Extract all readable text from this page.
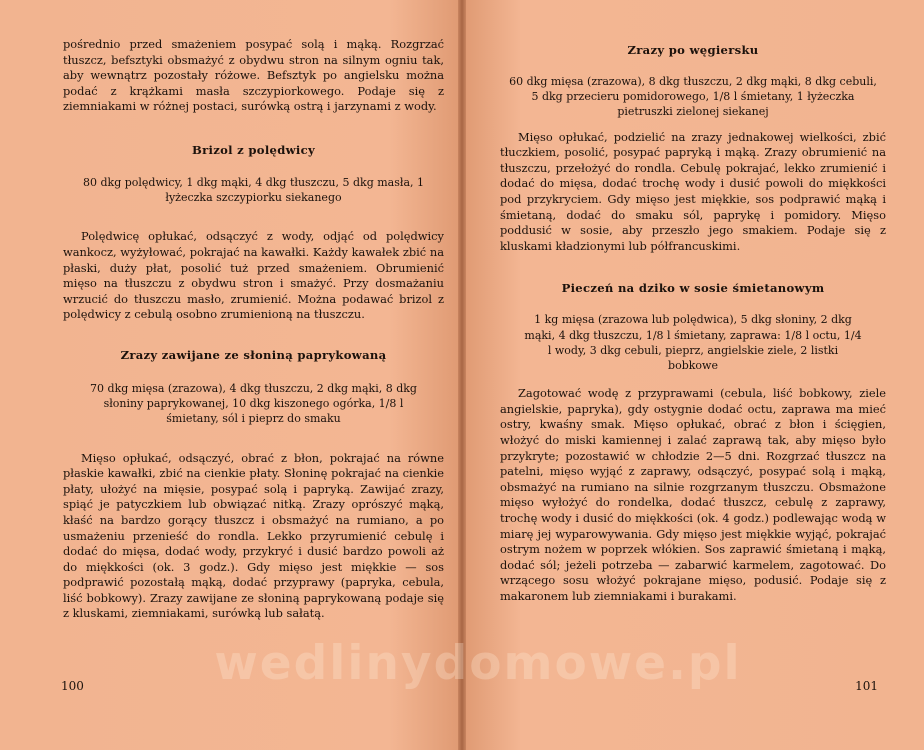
pośrednio przed smażeniem posypać solą i mąką. Rozgrzać tłuszcz, befsztyki obsmażyć z obydwu stron na silnym ogniu tak, aby wewnątrz pozostały różowe. Befsztyk po angielsku można podać z krążkami masła szczypiorkowego. Podaje się z ziemniakami w różnej postaci, surówką ostrą i jarzynami z wody.

Brizol z polędwicy

80 dkg polędwicy, 1 dkg mąki, 4 dkg tłuszczu, 5 dkg masła, 1 łyżeczka szczypiorku siekanego

Polędwicę opłukać, odsączyć z wody, odjąć od polędwicy wankocz, wyżyłować, pokrajać na kawałki. Każdy kawałek zbić na płaski, duży płat, posolić tuż przed smażeniem. Obrumienić mięso na tłuszczu z obydwu stron i smażyć. Przy dosmażaniu wrzucić do tłuszczu masło, zrumienić. Można podawać brizol z polędwicy z cebulą osobno zrumienioną na tłuszczu.

Zrazy zawijane ze słoniną paprykowaną

70 dkg mięsa (zrazowa), 4 dkg tłuszczu, 2 dkg mąki, 8 dkg słoniny paprykowanej, 10 dkg kiszonego ogórka, 1/8 l śmietany, sól i pieprz do smaku

Mięso opłukać, odsączyć, obrać z błon, pokrajać na równe płaskie kawałki, zbić na cienkie płaty. Słoninę pokrajać na cienkie płaty, ułożyć na mięsie, posypać solą i papryką. Zawijać zrazy, spiąć je patyczkiem lub obwiązać nitką. Zrazy oprószyć mąką, kłaść na bardzo gorący tłuszcz i obsmażyć na rumiano, a po usmażeniu przenieść do rondla. Lekko przyrumienić cebulę i dodać do mięsa, dodać wody, przykryć i dusić bardzo powoli aż do miękkości (ok. 3 godz.). Gdy mięso jest miękkie — sos podprawić pozostałą mąką, dodać przyprawy (papryka, cebula, liść bobkowy). Zrazy zawijane ze słoniną paprykowaną podaje się z kluskami, ziemniakami, surówką lub sałatą.

100
Zrazy po węgiersku

60 dkg mięsa (zrazowa), 8 dkg tłuszczu, 2 dkg mąki, 8 dkg cebuli, 5 dkg przecieru pomidorowego, 1/8 l śmietany, 1 łyżeczka pietruszki zielonej siekanej

Mięso opłukać, podzielić na zrazy jednakowej wielkości, zbić tłuczkiem, posolić, posypać papryką i mąką. Zrazy obrumienić na tłuszczu, przełożyć do rondla. Cebulę pokrajać, lekko zrumienić i dodać do mięsa, dodać trochę wody i dusić powoli do miękkości pod przykryciem. Gdy mięso jest miękkie, sos podprawić mąką i śmietaną, dodać do smaku sól, paprykę i pomidory. Mięso poddusić w sosie, aby przeszło jego smakiem. Podaje się z kluskami kładzionymi lub półfrancuskimi.

Pieczeń na dziko w sosie śmietanowym

1 kg mięsa (zrazowa lub polędwica), 5 dkg słoniny, 2 dkg mąki, 4 dkg tłuszczu, 1/8 l śmietany, zaprawa: 1/8 l octu, 1/4 l wody, 3 dkg cebuli, pieprz, angielskie ziele, 2 listki bobkowe

Zagotować wodę z przyprawami (cebula, liść bobkowy, ziele angielskie, papryka), gdy ostygnie dodać octu, zaprawa ma mieć ostry, kwaśny smak. Mięso opłukać, obrać z błon i ścięgien, włożyć do miski kamiennej i zalać zaprawą tak, aby mięso było przykryte; pozostawić w chłodzie 2—5 dni. Rozgrzać tłuszcz na patelni, mięso wyjąć z zaprawy, odsączyć, posypać solą i mąką, obsmażyć na rumiano na silnie rozgrzanym tłuszczu. Obsmażone mięso wyłożyć do rondelka, dodać tłuszcz, cebulę z zaprawy, trochę wody i dusić do miękkości (ok. 4 godz.) podlewając wodą w miarę jej wyparowywania. Gdy mięso jest miękkie wyjąć, pokrajać ostrym nożem w poprzek włókien. Sos zaprawić śmietaną i mąką, dodać sól; jeżeli potrzeba — zabarwić karmelem, zagotować. Do wrzącego sosu włożyć pokrajane mięso, podusić. Podaje się z makaronem lub ziemniakami i burakami.

101
wedlinydomowe.pl
